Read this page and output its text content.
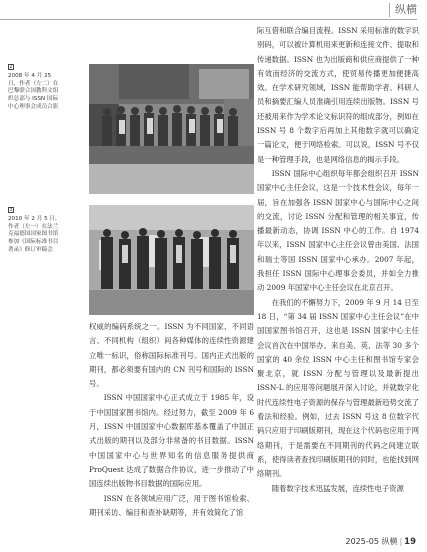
纵横
2
2008 年 4 月 25 日，作者（左二）在巴黎联合国教科文组织总部与 ISSN 国际中心理事会成员合影
3
2010 年 2 月 5 日，作者（左一）在法兰克福德国国家图书馆参加《国际标准书目著录》修订审稿会

际互借和联合编目流程。ISSN 采用标准的数字识别码，可以被计算机用来更新和连接文件、提取和传递数据。ISSN 也为出版商和供应商提供了一种有效而经济的交流方式，使贸易传播更加便捷高效。在学术研究领域，ISSN 能帮助学者、科研人员和摘要汇编人员准确引用连续出版物。ISSN 号还被用来作为学术论文标识符的组成部分，例如在 ISSN 号 8 个数字后再加上其他数字就可以确定一篇论文，便于网络检索。可以说，ISSN 号不仅是一种管理手段，也是网络信息的揭示手段。

ISSN 国际中心组织每年都会组织召开 ISSN 国家中心主任会议，这是一个技术性会议，每年一届，旨在加强各 ISSN 国家中心与国际中心之间的交流，讨论 ISSN 分配和管理的相关事宜，传播最新动态，协调 ISSN 中心的工作。自 1974 年以来，ISSN 国家中心主任会议曾由美国、法国和瑞士等国 ISSN 国家中心承办。2007 年起，我担任 ISSN 国际中心理事会委员，并如全力推动 2009 年国家中心主任会议在北京召开。

在我们的不懈努力下，2009 年 9 月 14 日至 18 日，“第 34 届 ISSN 国家中心主任会议”在中国国家图书馆召开，这也是 ISSN 国家中心主任会议首次在中国举办。来自美、英、法等 30 多个国家的 40 余位 ISSN 中心主任和图书馆专家会聚北京，就 ISSN 分配与管理以及最新提出 ISSN-L 的应用等问题展开深入讨论，并就数字化时代连续性电子资源的保存与管理最新趋势交流了看法和经验。例如，过去 ISSN 号这 8 位数字代码只应用于印刷版期刊，现在这个代码也应用于网络期刊，于是需要在不同期刊的代码之间建立联系，使得读者查找印刷版期刊的同时，也能找到网络期刊。

随着数字技术迅猛发展，连续性电子资源

权威的编码系统之一。ISSN 为不同国家、不同语言、不同机构（组织）间各种媒体的连续性资源建立唯一标识，俗称国际标准刊号。国内正式出版的期刊，都必须要有国内的 CN 刊号和国际的 ISSN 号。

ISSN 中国国家中心正式成立于 1985 年，设于中国国家图书馆内。经过努力，截至 2009 年 6 月，ISSN 中国国家中心数据库基本覆盖了中国正式出版的期刊以及部分非常备的书目数据。ISSN 中国国家中心与世界知名的信息服务提供商 ProQuest 达成了数据合作协议，进一步推动了中国连续出版物书目数据的国际应用。

ISSN 在各领域应用广泛，用于图书馆检索、期刊采访、编目和查补缺期等，并有效简化了馆

2025-05 纵横 | 19
